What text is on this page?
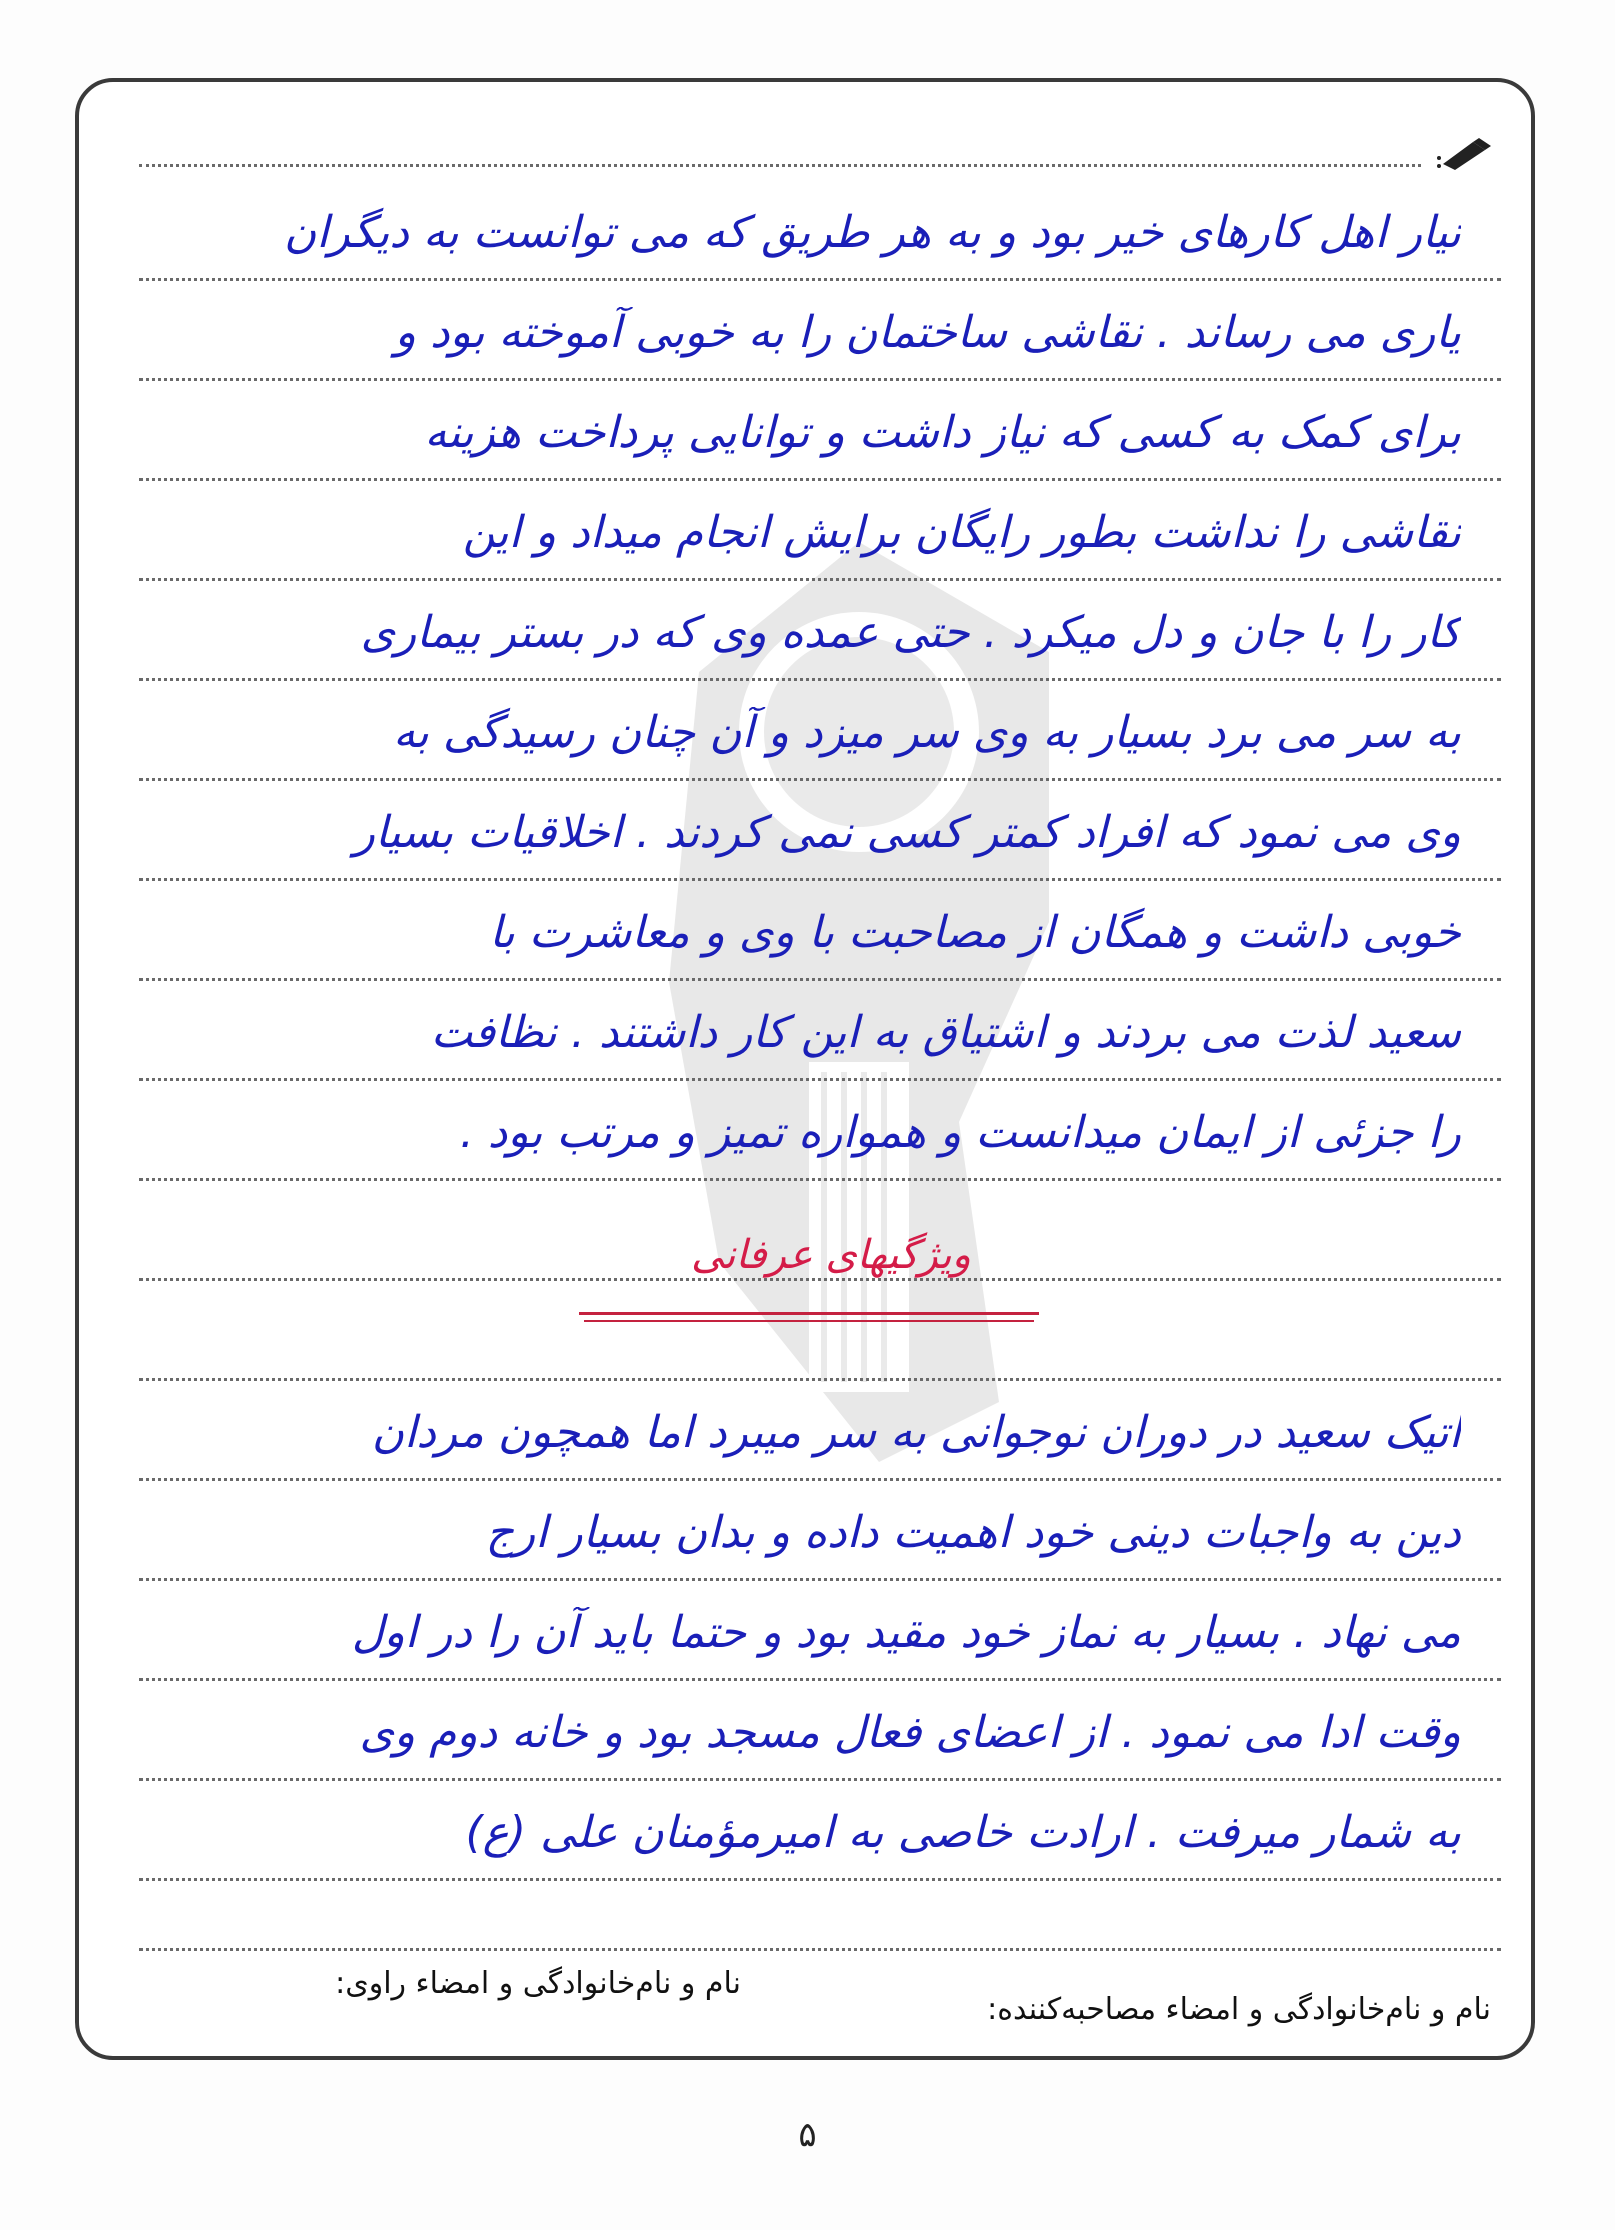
نیار اهل کارهای خیر بود و به هر طریق که می توانست به دیگران
یاری می رساند . نقاشی ساختمان را به خوبی آموخته بود و
برای کمک به کسی که نیاز داشت و توانایی پرداخت هزینه
نقاشی را نداشت بطور رایگان برایش انجام میداد و این
کار را با جان و دل میکرد . حتی عمده وی که در بستر بیماری
به سر می برد بسیار به وی سر میزد و آن چنان رسیدگی به
وی می نمود که افراد کمتر کسی نمی کردند . اخلاقیات بسیار
خوبی داشت و همگان از مصاحبت با وی و معاشرت با
سعید لذت می بردند و اشتیاق به این کار داشتند . نظافت
را جزئی از ایمان میدانست و همواره تمیز و مرتب بود .
ویژگیهای عرفانی
اتیک سعید در دوران نوجوانی به سر میبرد اما همچون مردان
دین به واجبات دینی خود اهمیت داده و بدان بسیار ارج
می نهاد . بسیار به نماز خود مقید بود و حتما باید آن را در اول
وقت ادا می نمود . از اعضای فعال مسجد بود و خانه دوم وی
به شمار میرفت . ارادت خاصی به امیرمؤمنان علی (ع)
نام و نام‌خانوادگی و امضاء مصاحبه‌کننده:
نام و نام‌خانوادگی و امضاء راوی:
۵
